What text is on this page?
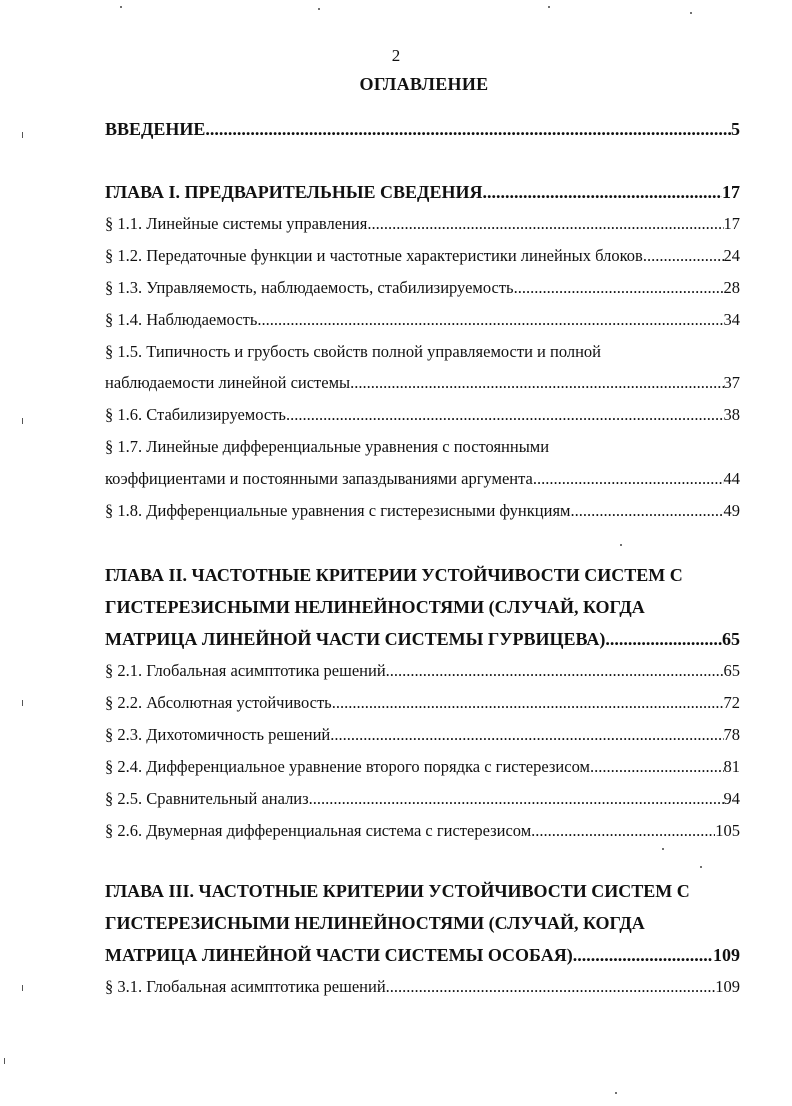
2
ОГЛАВЛЕНИЕ
ВВЕДЕНИЕ .....	5
ГЛАВА I. ПРЕДВАРИТЕЛЬНЫЕ СВЕДЕНИЯ .....	17
§ 1.1. Линейные системы управления .....	17
§ 1.2. Передаточные функции и частотные характеристики линейных блоков .....	24
§ 1.3. Управляемость, наблюдаемость, стабилизируемость .....	28
§ 1.4. Наблюдаемость .....	34
§ 1.5. Типичность и грубость свойств полной управляемости и полной
наблюдаемости линейной системы .....	37
§ 1.6. Стабилизируемость .....	38
§ 1.7. Линейные дифференциальные уравнения с постоянными
коэффициентами и постоянными запаздываниями аргумента .....	44
§ 1.8. Дифференциальные уравнения с гистерезисными функциям .....	49
ГЛАВА II. ЧАСТОТНЫЕ КРИТЕРИИ УСТОЙЧИВОСТИ СИСТЕМ С
ГИСТЕРЕЗИСНЫМИ НЕЛИНЕЙНОСТЯМИ (СЛУЧАЙ, КОГДА
МАТРИЦА ЛИНЕЙНОЙ ЧАСТИ СИСТЕМЫ ГУРВИЦЕВА) .....	65
§ 2.1. Глобальная асимптотика решений .....	65
§ 2.2. Абсолютная устойчивость .....	72
§ 2.3. Дихотомичность решений .....	78
§ 2.4. Дифференциальное уравнение второго порядка с гистерезисом .....	81
§ 2.5. Сравнительный анализ .....	94
§ 2.6. Двумерная дифференциальная система с гистерезисом .....	105
ГЛАВА III. ЧАСТОТНЫЕ КРИТЕРИИ УСТОЙЧИВОСТИ СИСТЕМ С
ГИСТЕРЕЗИСНЫМИ НЕЛИНЕЙНОСТЯМИ (СЛУЧАЙ, КОГДА
МАТРИЦА ЛИНЕЙНОЙ ЧАСТИ СИСТЕМЫ ОСОБАЯ) .....	109
§ 3.1. Глобальная асимптотика решений .....	109
